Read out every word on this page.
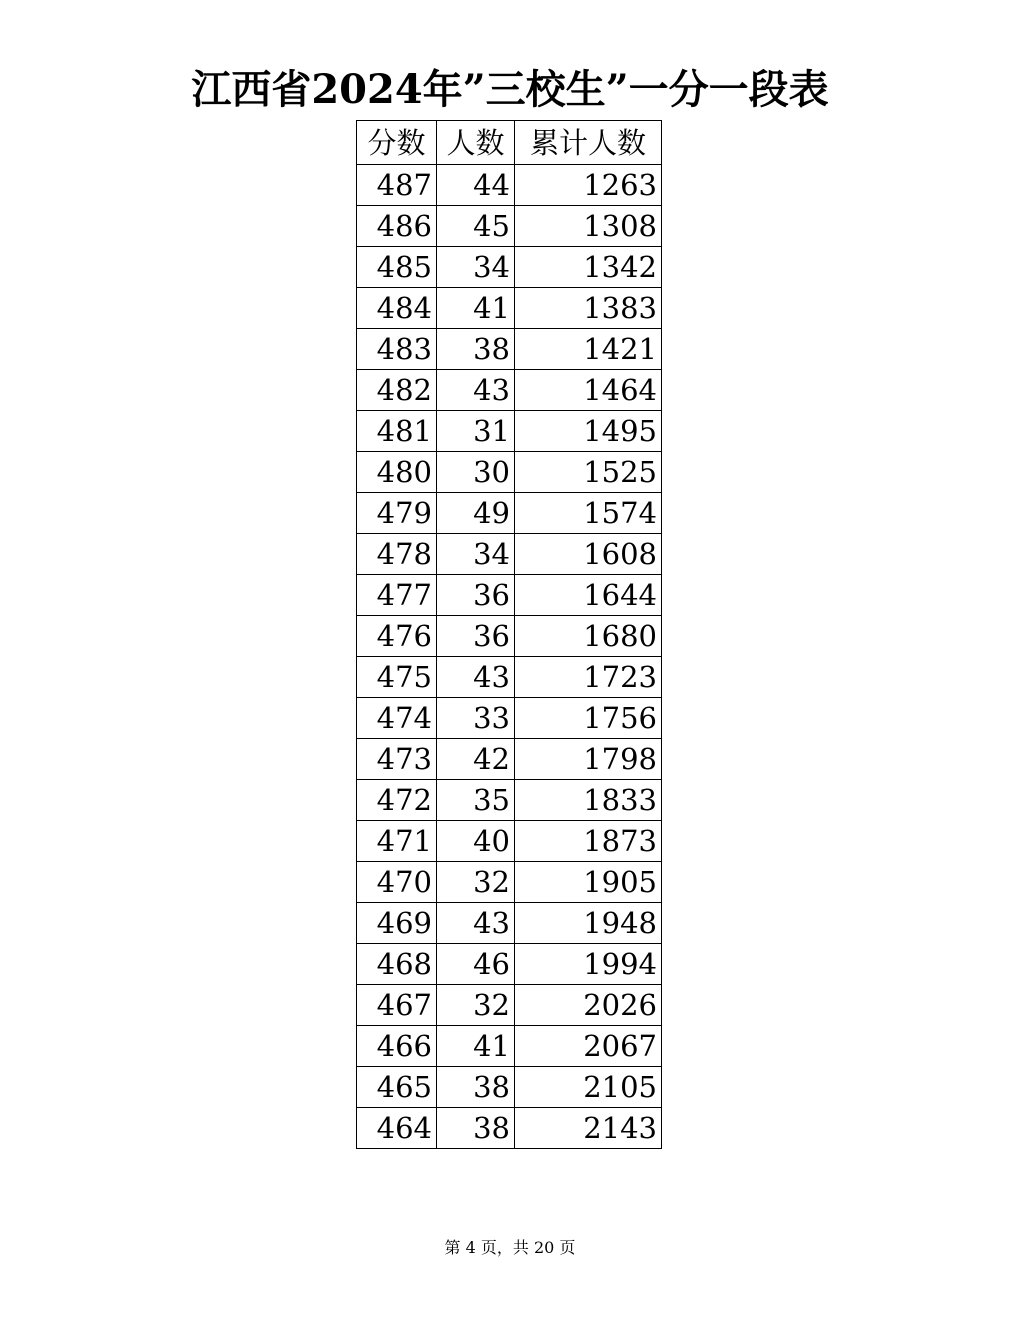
江西省2024年”三校生”一分一段表
分数	人数	累计人数
487	44	1263
486	45	1308
485	34	1342
484	41	1383
483	38	1421
482	43	1464
481	31	1495
480	30	1525
479	49	1574
478	34	1608
477	36	1644
476	36	1680
475	43	1723
474	33	1756
473	42	1798
472	35	1833
471	40	1873
470	32	1905
469	43	1948
468	46	1994
467	32	2026
466	41	2067
465	38	2105
464	38	2143
第 4 页，共 20 页
